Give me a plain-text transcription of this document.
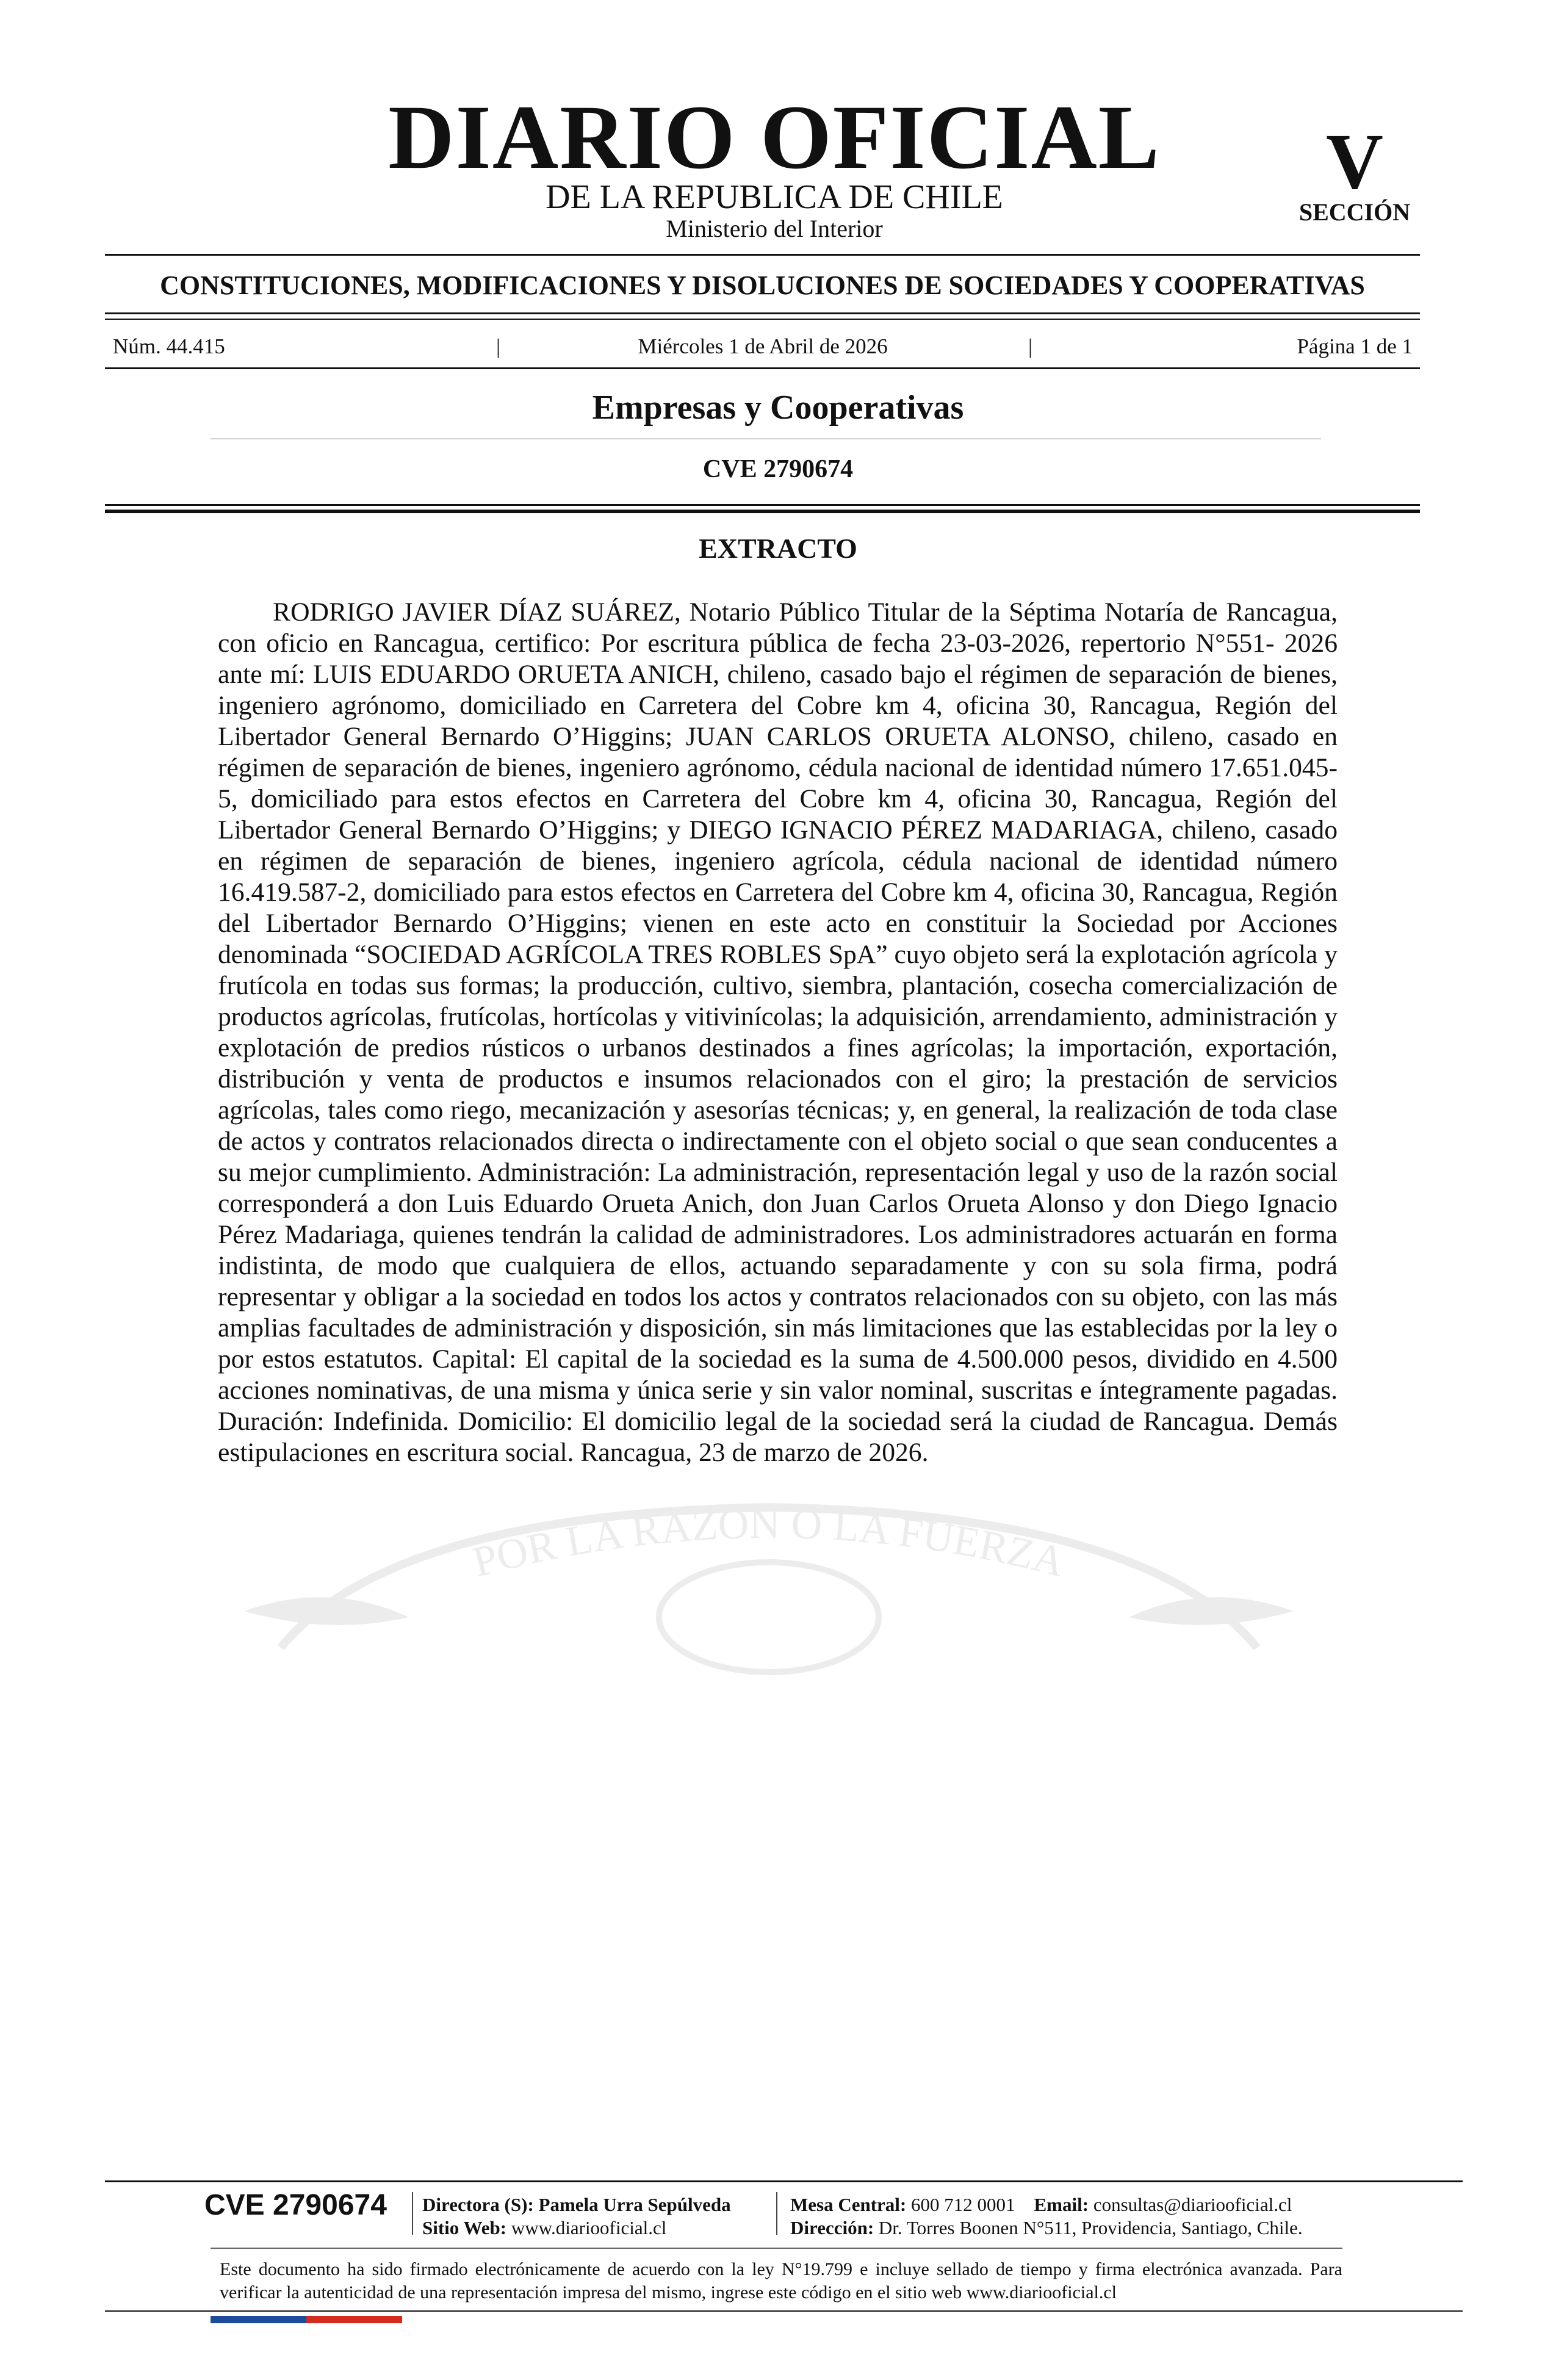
DIARIO OFICIAL
DE LA REPUBLICA DE CHILE
Ministerio del Interior
V
SECCIÓN
CONSTITUCIONES, MODIFICACIONES Y DISOLUCIONES DE SOCIEDADES Y COOPERATIVAS
Núm. 44.415	|	Miércoles 1 de Abril de 2026	|	Página 1 de 1
Empresas y Cooperativas
CVE 2790674
EXTRACTO

RODRIGO JAVIER DÍAZ SUÁREZ, Notario Público Titular de la Séptima Notaría de Rancagua, con oficio en Rancagua, certifico: Por escritura pública de fecha 23-03-2026, repertorio N°551- 2026 ante mí: LUIS EDUARDO ORUETA ANICH, chileno, casado bajo el régimen de separación de bienes, ingeniero agrónomo, domiciliado en Carretera del Cobre km 4, oficina 30, Rancagua, Región del Libertador General Bernardo O’Higgins; JUAN CARLOS ORUETA ALONSO, chileno, casado en régimen de separación de bienes, ingeniero agrónomo, cédula nacional de identidad número 17.651.045-5, domiciliado para estos efectos en Carretera del Cobre km 4, oficina 30, Rancagua, Región del Libertador General Bernardo O’Higgins; y DIEGO IGNACIO PÉREZ MADARIAGA, chileno, casado en régimen de separación de bienes, ingeniero agrícola, cédula nacional de identidad número 16.419.587-2, domiciliado para estos efectos en Carretera del Cobre km 4, oficina 30, Rancagua, Región del Libertador Bernardo O’Higgins; vienen en este acto en constituir la Sociedad por Acciones denominada “SOCIEDAD AGRÍCOLA TRES ROBLES SpA” cuyo objeto será la explotación agrícola y frutícola en todas sus formas; la producción, cultivo, siembra, plantación, cosecha comercialización de productos agrícolas, frutícolas, hortícolas y vitivinícolas; la adquisición, arrendamiento, administración y explotación de predios rústicos o urbanos destinados a fines agrícolas; la importación, exportación, distribución y venta de productos e insumos relacionados con el giro; la prestación de servicios agrícolas, tales como riego, mecanización y asesorías técnicas; y, en general, la realización de toda clase de actos y contratos relacionados directa o indirectamente con el objeto social o que sean conducentes a su mejor cumplimiento. Administración: La administración, representación legal y uso de la razón social corresponderá a don Luis Eduardo Orueta Anich, don Juan Carlos Orueta Alonso y don Diego Ignacio Pérez Madariaga, quienes tendrán la calidad de administradores. Los administradores actuarán en forma indistinta, de modo que cualquiera de ellos, actuando separadamente y con su sola firma, podrá representar y obligar a la sociedad en todos los actos y contratos relacionados con su objeto, con las más amplias facultades de administración y disposición, sin más limitaciones que las establecidas por la ley o por estos estatutos. Capital: El capital de la sociedad es la suma de 4.500.000 pesos, dividido en 4.500 acciones nominativas, de una misma y única serie y sin valor nominal, suscritas e íntegramente pagadas. Duración: Indefinida. Domicilio: El domicilio legal de la sociedad será la ciudad de Rancagua. Demás estipulaciones en escritura social. Rancagua, 23 de marzo de 2026.

POR LA RAZON O LA FUERZA
CVE 2790674 Directora (S): Pamela Urra Sepúlveda
Sitio Web: www.diariooficial.cl
Mesa Central: 600 712 0001 Email: consultas@diariooficial.cl
Dirección: Dr. Torres Boonen N°511, Providencia, Santiago, Chile.
Este documento ha sido firmado electrónicamente de acuerdo con la ley N°19.799 e incluye sellado de tiempo y firma electrónica avanzada. Para verificar la autenticidad de una representación impresa del mismo, ingrese este código en el sitio web www.diariooficial.cl
